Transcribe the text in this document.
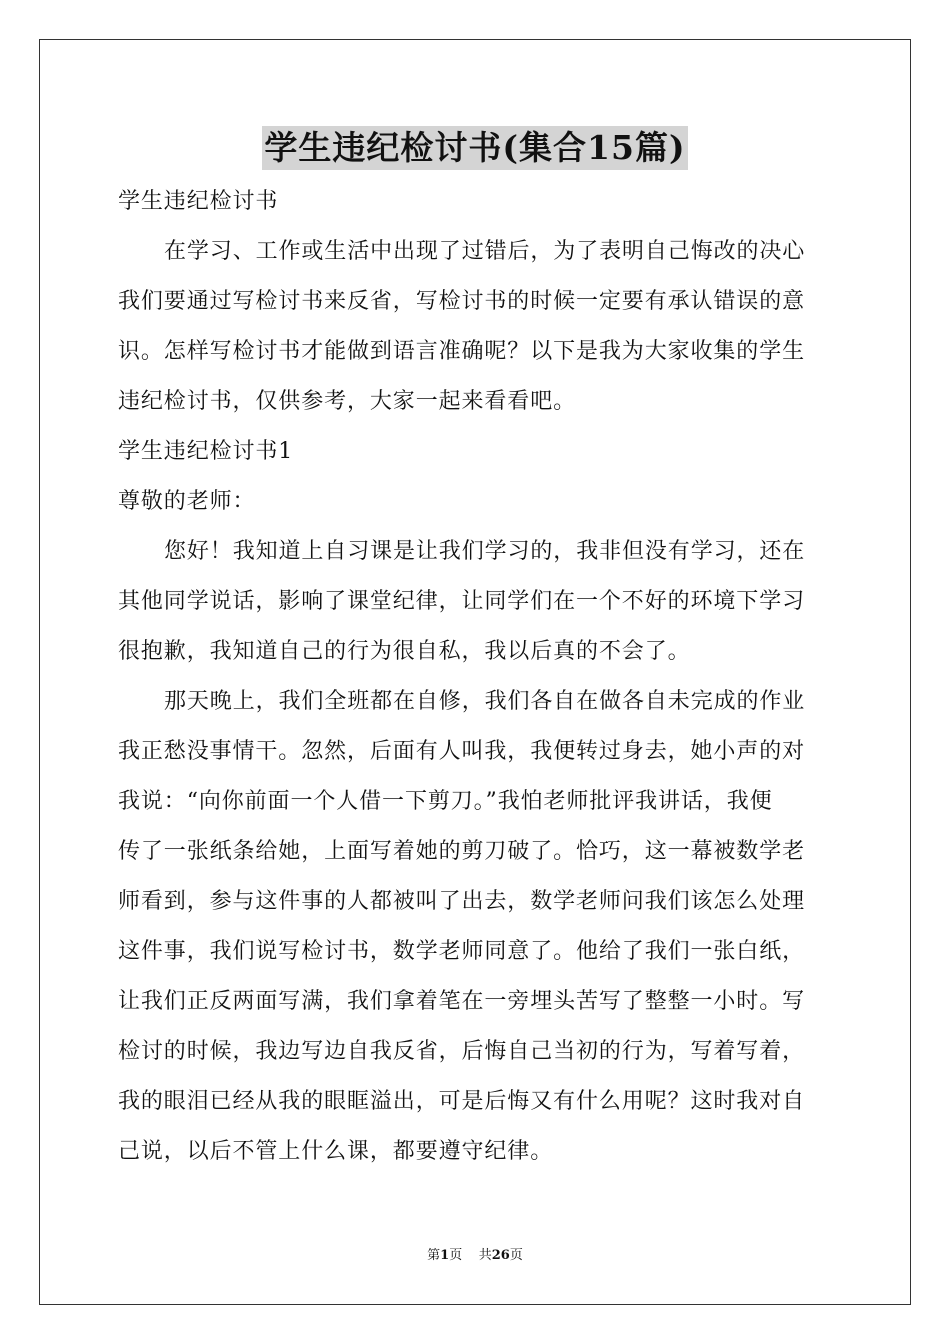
学生违纪检讨书(集合15篇)
学生违纪检讨书
在学习、工作或生活中出现了过错后，为了表明自己悔改的决心
我们要通过写检讨书来反省，写检讨书的时候一定要有承认错误的意
识。怎样写检讨书才能做到语言准确呢？以下是我为大家收集的学生
违纪检讨书，仅供参考，大家一起来看看吧。
学生违纪检讨书1
尊敬的老师：
您好！我知道上自习课是让我们学习的，我非但没有学习，还在
其他同学说话，影响了课堂纪律，让同学们在一个不好的环境下学习
很抱歉，我知道自己的行为很自私，我以后真的不会了。
那天晚上，我们全班都在自修，我们各自在做各自未完成的作业
我正愁没事情干。忽然，后面有人叫我，我便转过身去，她小声的对
我说：“向你前面一个人借一下剪刀。”我怕老师批评我讲话，我便
传了一张纸条给她，上面写着她的剪刀破了。恰巧，这一幕被数学老
师看到，参与这件事的人都被叫了出去，数学老师问我们该怎么处理
这件事，我们说写检讨书，数学老师同意了。他给了我们一张白纸，
让我们正反两面写满，我们拿着笔在一旁埋头苦写了整整一小时。写
检讨的时候，我边写边自我反省，后悔自己当初的行为，写着写着，
我的眼泪已经从我的眼眶溢出，可是后悔又有什么用呢？这时我对自
己说，以后不管上什么课，都要遵守纪律。
第1页 共26页
